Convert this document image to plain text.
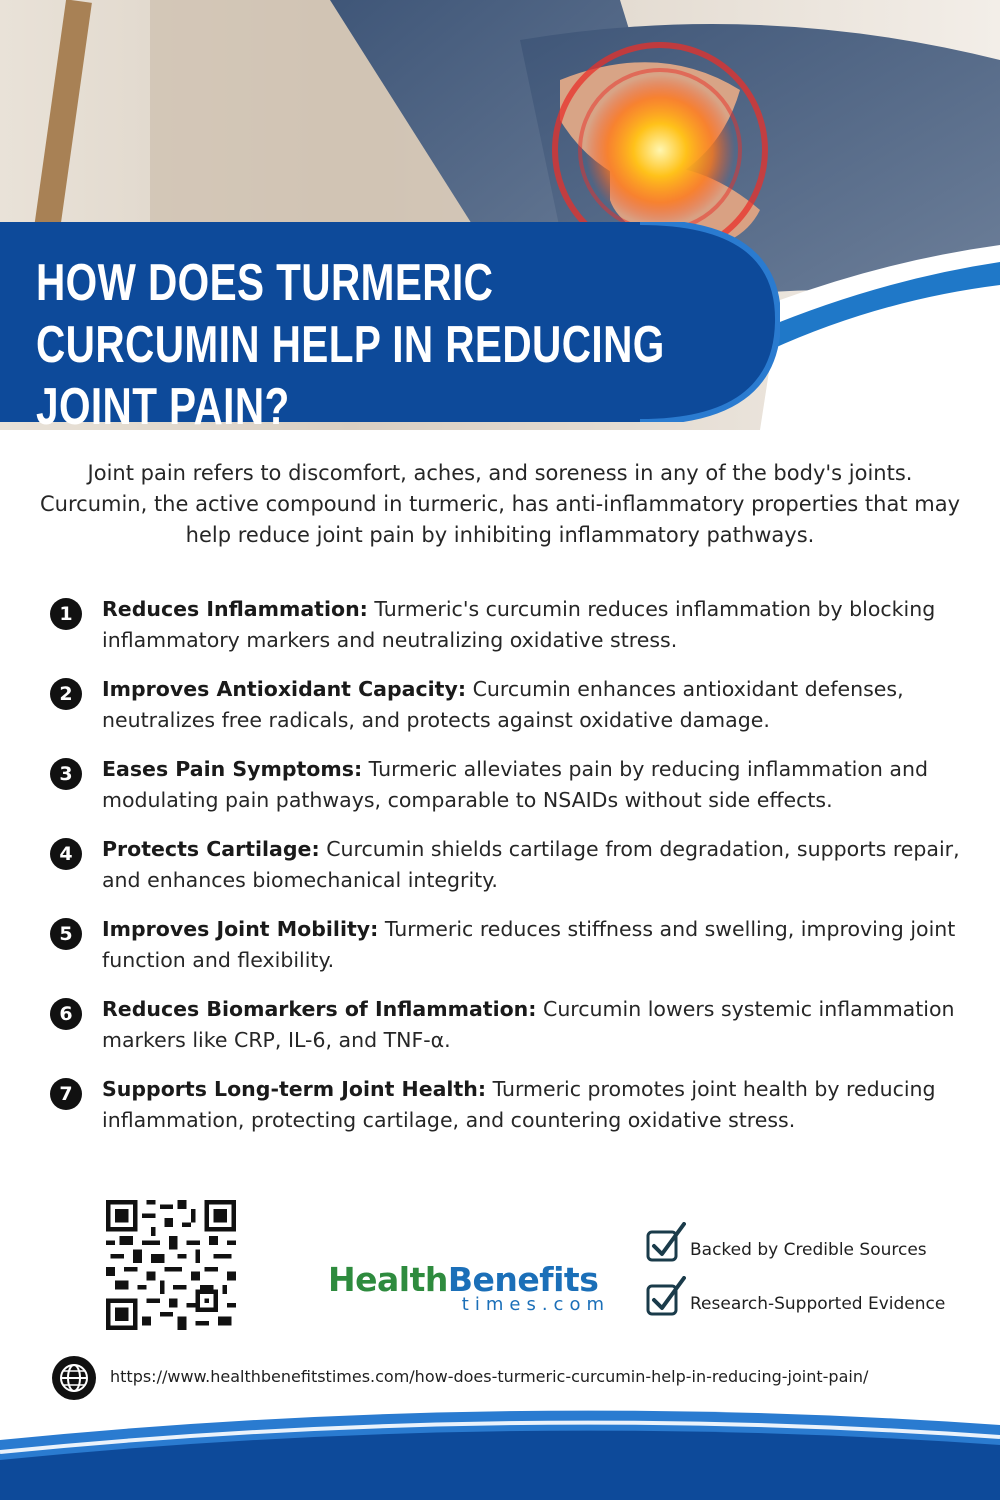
HOW DOES TURMERIC CURCUMIN HELP IN REDUCING JOINT PAIN?

Joint pain refers to discomfort, aches, and soreness in any of the body's joints. Curcumin, the active compound in turmeric, has anti-inflammatory properties that may help reduce joint pain by inhibiting inflammatory pathways.

1	Reduces Inflammation: Turmeric's curcumin reduces inflammation by blocking inflammatory markers and neutralizing oxidative stress.
2	Improves Antioxidant Capacity: Curcumin enhances antioxidant defenses, neutralizes free radicals, and protects against oxidative damage.
3	Eases Pain Symptoms: Turmeric alleviates pain by reducing inflammation and modulating pain pathways, comparable to NSAIDs without side effects.
4	Protects Cartilage: Curcumin shields cartilage from degradation, supports repair, and enhances biomechanical integrity.
5	Improves Joint Mobility: Turmeric reduces stiffness and swelling, improving joint function and flexibility.
6	Reduces Biomarkers of Inflammation: Curcumin lowers systemic inflammation markers like CRP, IL-6, and TNF-α.
7	Supports Long-term Joint Health: Turmeric promotes joint health by reducing inflammation, protecting cartilage, and countering oxidative stress.
HealthBenefits
times.com
Backed by Credible Sources
Research-Supported Evidence
https://www.healthbenefitstimes.com/how-does-turmeric-curcumin-help-in-reducing-joint-pain/
